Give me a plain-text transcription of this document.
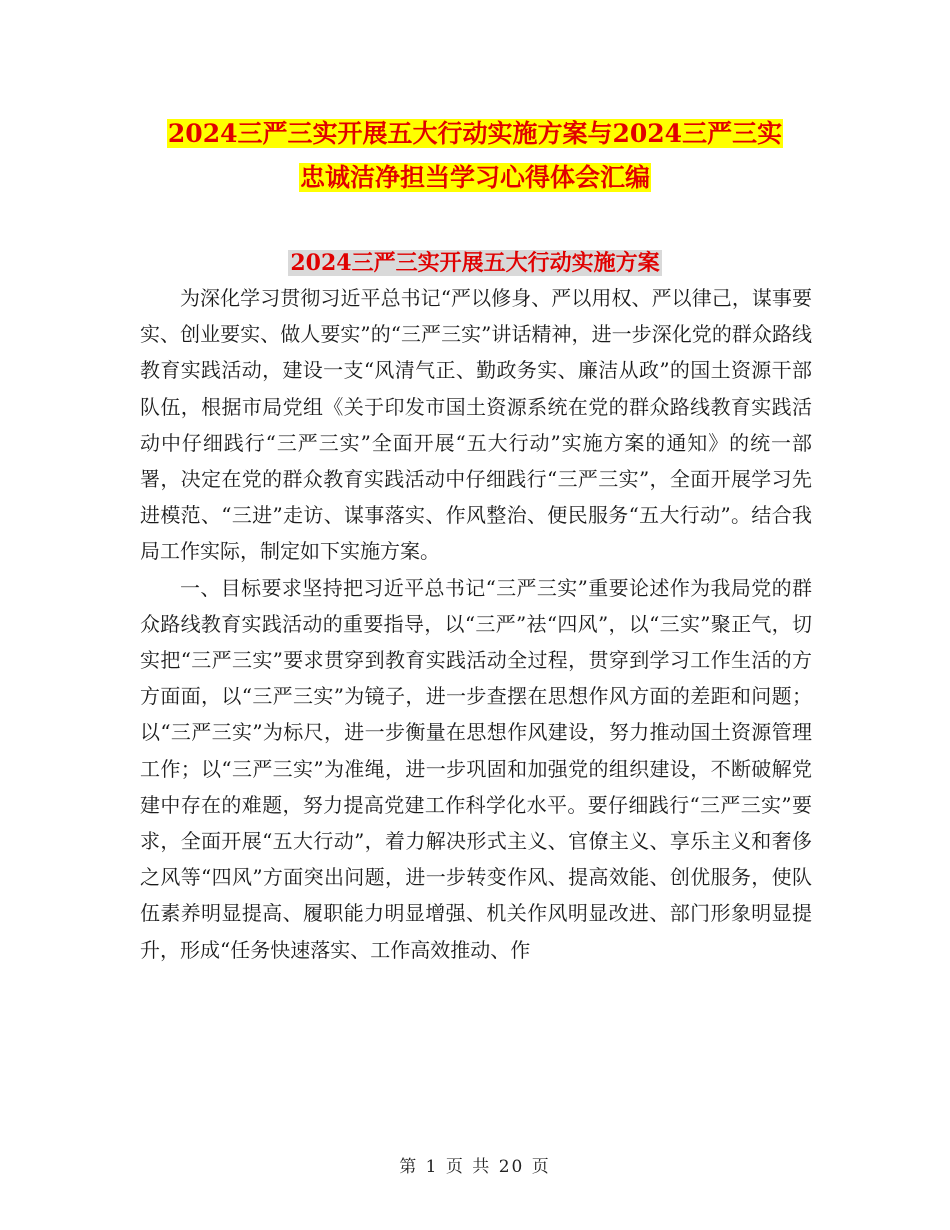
2024三严三实开展五大行动实施方案与2024三严三实
忠诚洁净担当学习心得体会汇编
2024三严三实开展五大行动实施方案

为深化学习贯彻习近平总书记“严以修身、严以用权、严以律己，谋事要实、创业要实、做人要实”的“三严三实”讲话精神，进一步深化党的群众路线教育实践活动，建设一支“风清气正、勤政务实、廉洁从政”的国土资源干部队伍，根据市局党组《关于印发市国土资源系统在党的群众路线教育实践活动中仔细践行“三严三实”全面开展“五大行动”实施方案的通知》的统一部署，决定在党的群众教育实践活动中仔细践行“三严三实”，全面开展学习先进模范、“三进”走访、谋事落实、作风整治、便民服务“五大行动”。结合我局工作实际，制定如下实施方案。

一、目标要求坚持把习近平总书记“三严三实”重要论述作为我局党的群众路线教育实践活动的重要指导，以“三严”祛“四风”，以“三实”聚正气，切实把“三严三实”要求贯穿到教育实践活动全过程，贯穿到学习工作生活的方方面面，以“三严三实”为镜子，进一步查摆在思想作风方面的差距和问题；以“三严三实”为标尺，进一步衡量在思想作风建设，努力推动国土资源管理工作；以“三严三实”为准绳，进一步巩固和加强党的组织建设，不断破解党建中存在的难题，努力提高党建工作科学化水平。要仔细践行“三严三实”要求，全面开展“五大行动”，着力解决形式主义、官僚主义、享乐主义和奢侈之风等“四风”方面突出问题，进一步转变作风、提高效能、创优服务，使队伍素养明显提高、履职能力明显增强、机关作风明显改进、部门形象明显提升，形成“任务快速落实、工作高效推动、作

第 1 页 共 20 页
